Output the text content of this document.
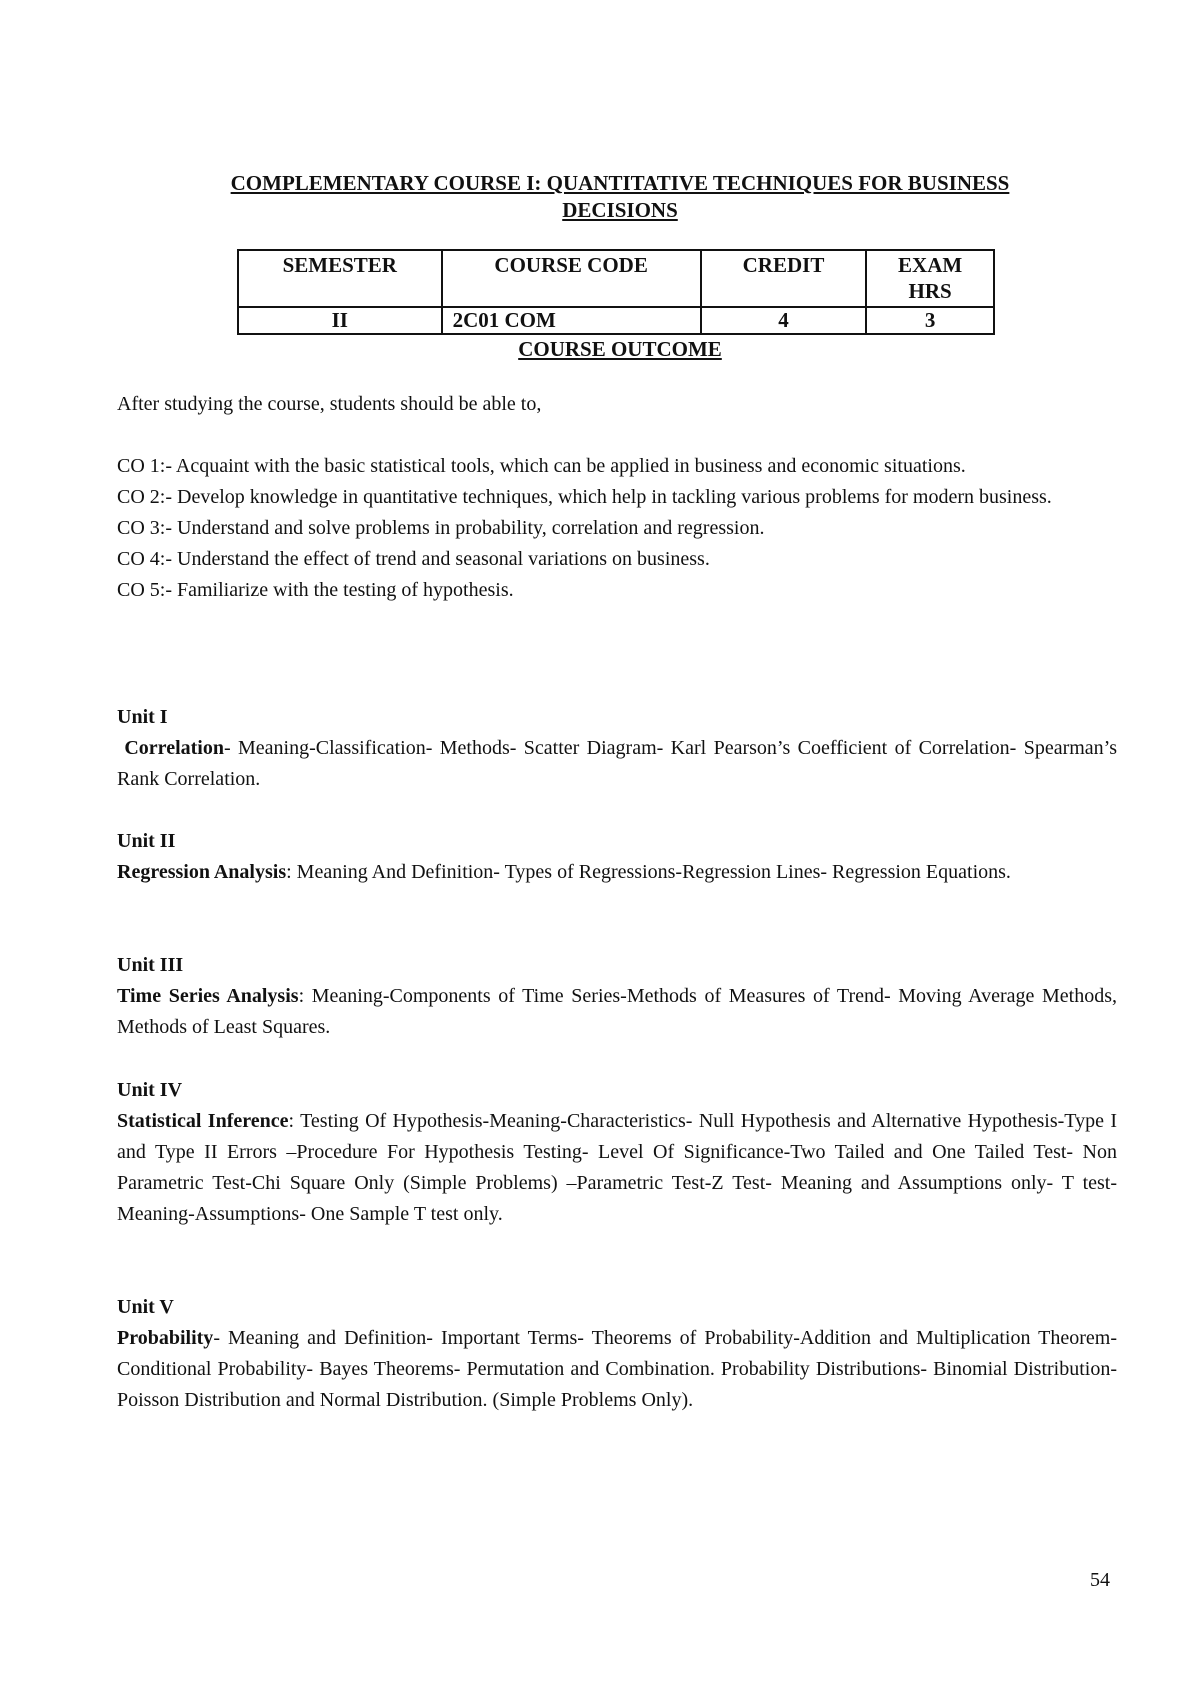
COMPLEMENTARY COURSE I: QUANTITATIVE TECHNIQUES FOR BUSINESS
DECISIONS
SEMESTER	COURSE CODE	CREDIT	EXAM
HRS
II	2C01 COM	4	3
COURSE OUTCOME
After studying the course, students should be able to,
CO 1:- Acquaint with the basic statistical tools, which can be applied in business and economic situations.
CO 2:- Develop knowledge in quantitative techniques, which help in tackling various problems for modern business.
CO 3:- Understand and solve problems in probability, correlation and regression.
CO 4:- Understand the effect of trend and seasonal variations on business.
CO 5:- Familiarize with the testing of hypothesis.
Unit I
Correlation- Meaning-Classification- Methods- Scatter Diagram- Karl Pearson’s Coefficient of Correlation- Spearman’s Rank Correlation.
Unit II
Regression Analysis: Meaning And Definition- Types of Regressions-Regression Lines- Regression Equations.
Unit III
Time Series Analysis: Meaning-Components of Time Series-Methods of Measures of Trend- Moving Average Methods, Methods of Least Squares.
Unit IV
Statistical Inference: Testing Of Hypothesis-Meaning-Characteristics- Null Hypothesis and Alternative Hypothesis-Type I and Type II Errors –Procedure For Hypothesis Testing- Level Of Significance-Two Tailed and One Tailed Test- Non Parametric Test-Chi Square Only (Simple Problems) –Parametric Test-Z Test- Meaning and Assumptions only- T test- Meaning-Assumptions- One Sample T test only.
Unit V
Probability- Meaning and Definition- Important Terms- Theorems of Probability-Addition and Multiplication Theorem-Conditional Probability- Bayes Theorems- Permutation and Combination. Probability Distributions- Binomial Distribution-Poisson Distribution and Normal Distribution. (Simple Problems Only).
54
